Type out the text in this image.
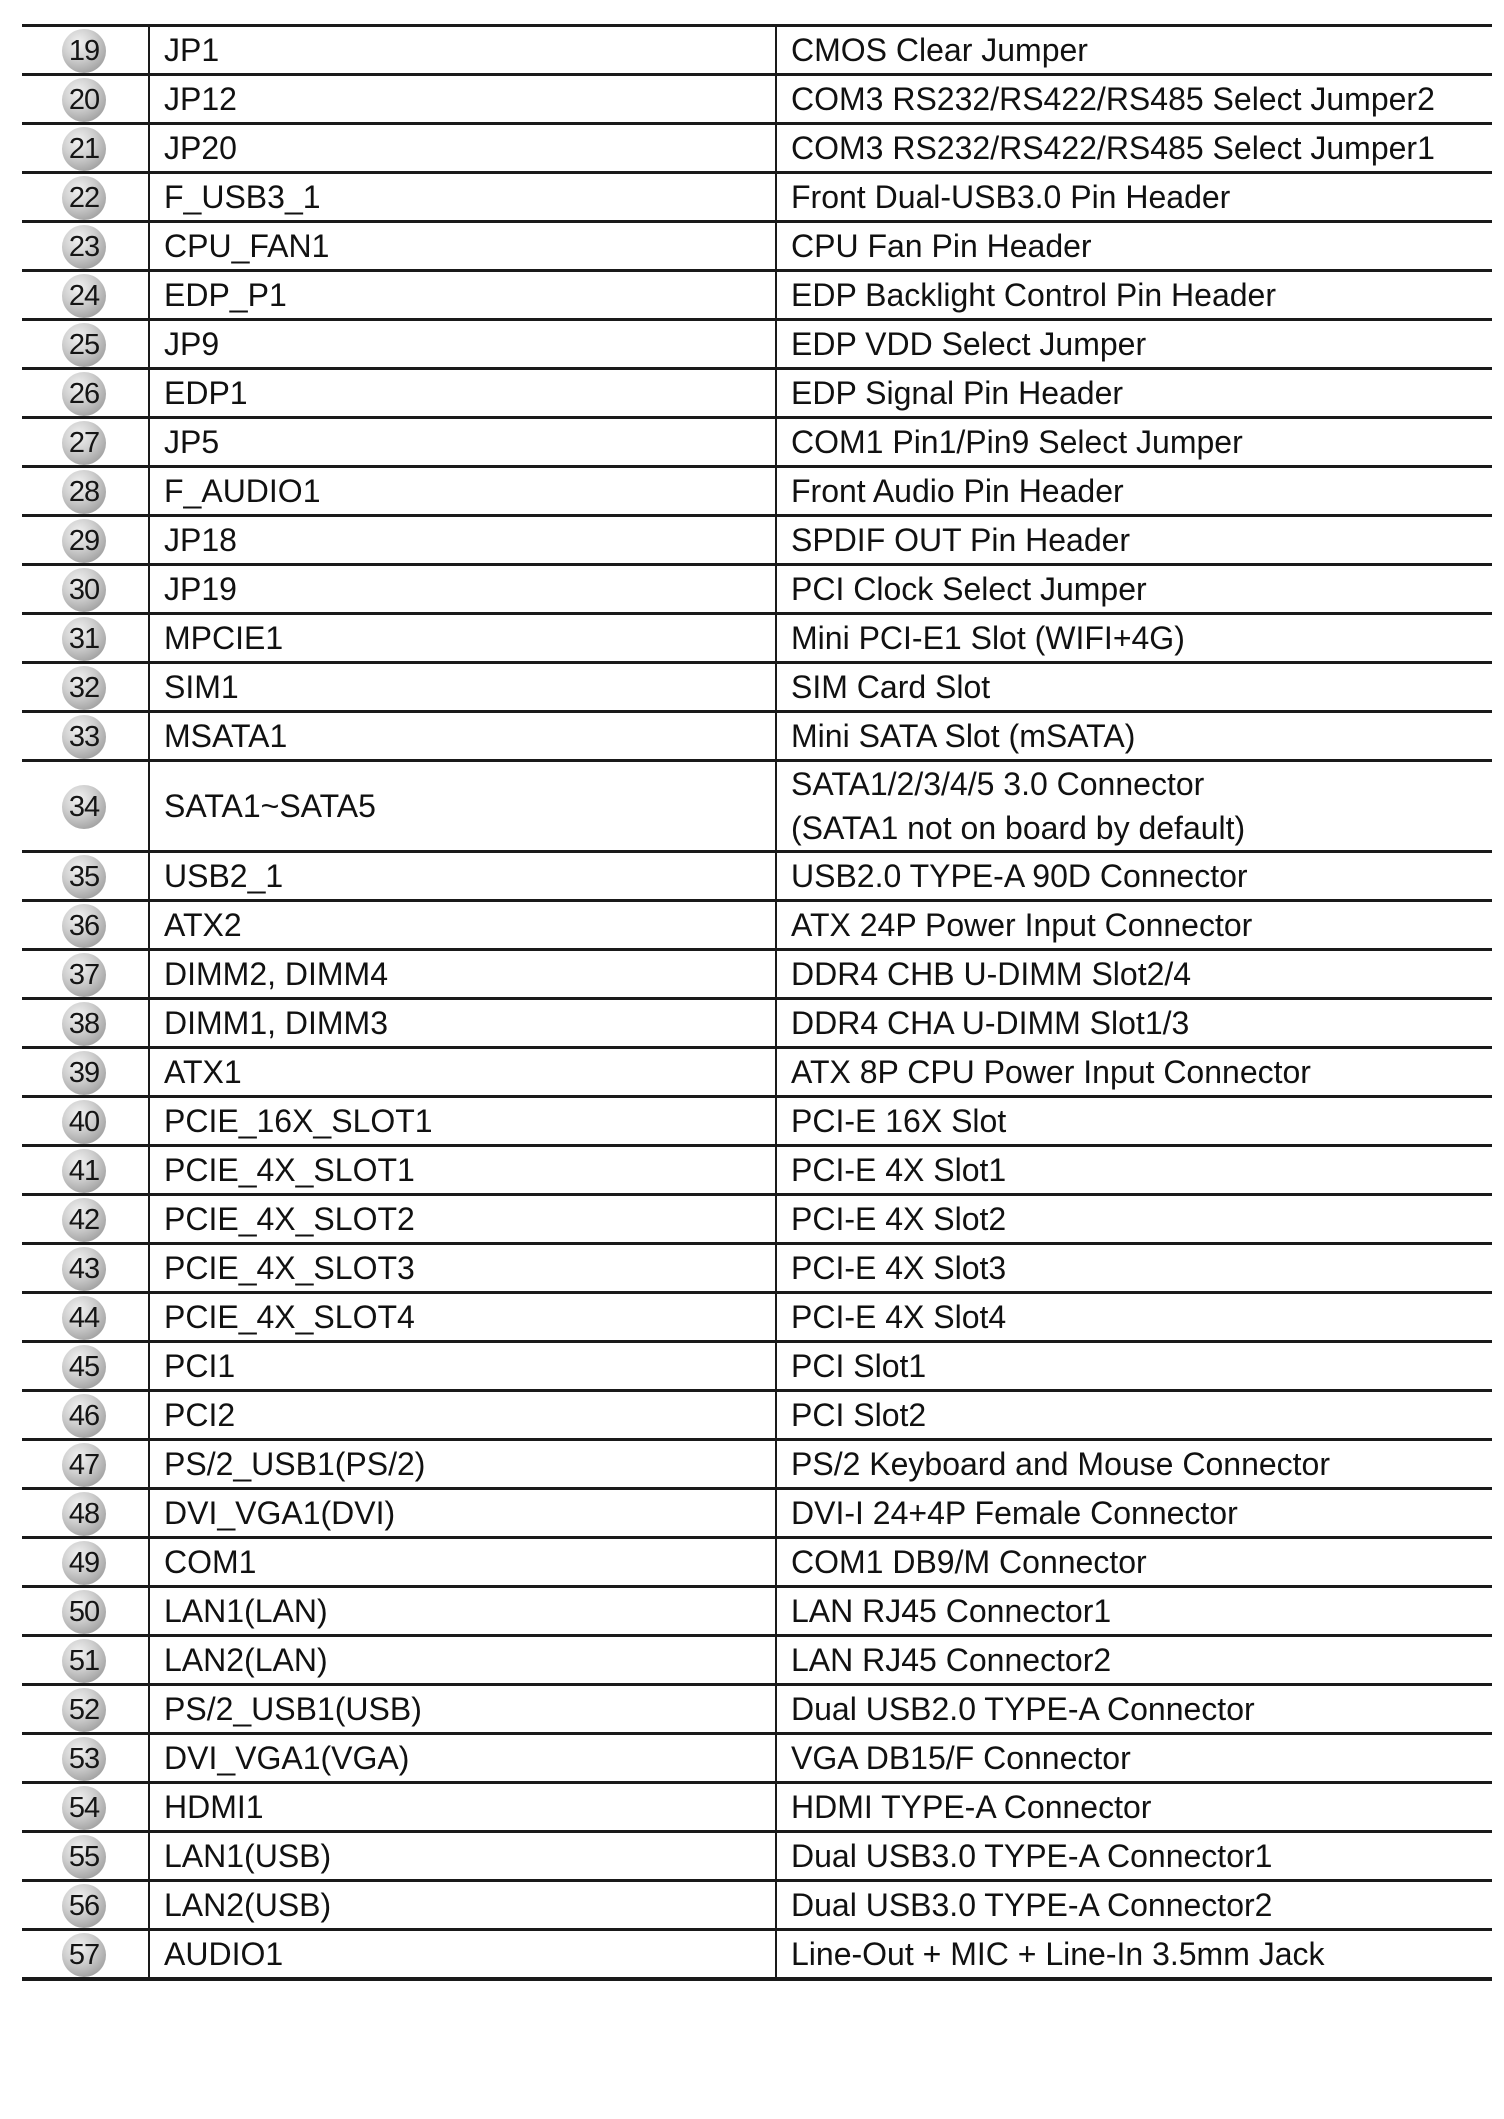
19	JP1	CMOS Clear Jumper

20	JP12	COM3 RS232/RS422/RS485 Select Jumper2

21	JP20	COM3 RS232/RS422/RS485 Select Jumper1

22	F_USB3_1	Front Dual-USB3.0 Pin Header

23	CPU_FAN1	CPU Fan Pin Header

24	EDP_P1	EDP Backlight Control Pin Header

25	JP9	EDP VDD Select Jumper

26	EDP1	EDP Signal Pin Header

27	JP5	COM1 Pin1/Pin9 Select Jumper

28	F_AUDIO1	Front Audio Pin Header

29	JP18	SPDIF OUT Pin Header

30	JP19	PCI Clock Select Jumper

31	MPCIE1	Mini PCI-E1 Slot (WIFI+4G)

32	SIM1	SIM Card Slot

33	MSATA1	Mini SATA Slot (mSATA)

34	SATA1~SATA5	SATA1/2/3/4/5 3.0 Connector
(SATA1 not on board by default)

35	USB2_1	USB2.0 TYPE-A 90D Connector

36	ATX2	ATX 24P Power Input Connector

37	DIMM2, DIMM4	DDR4 CHB U-DIMM Slot2/4

38	DIMM1, DIMM3	DDR4 CHA U-DIMM Slot1/3

39	ATX1	ATX 8P CPU Power Input Connector

40	PCIE_16X_SLOT1	PCI-E 16X Slot

41	PCIE_4X_SLOT1	PCI-E 4X Slot1

42	PCIE_4X_SLOT2	PCI-E 4X Slot2

43	PCIE_4X_SLOT3	PCI-E 4X Slot3

44	PCIE_4X_SLOT4	PCI-E 4X Slot4

45	PCI1	PCI Slot1

46	PCI2	PCI Slot2

47	PS/2_USB1(PS/2)	PS/2 Keyboard and Mouse Connector

48	DVI_VGA1(DVI)	DVI-I 24+4P Female Connector

49	COM1	COM1 DB9/M Connector

50	LAN1(LAN)	LAN RJ45 Connector1

51	LAN2(LAN)	LAN RJ45 Connector2

52	PS/2_USB1(USB)	Dual USB2.0 TYPE-A Connector

53	DVI_VGA1(VGA)	VGA DB15/F Connector

54	HDMI1	HDMI TYPE-A Connector

55	LAN1(USB)	Dual USB3.0 TYPE-A Connector1

56	LAN2(USB)	Dual USB3.0 TYPE-A Connector2

57	AUDIO1	Line-Out + MIC + Line-In 3.5mm Jack
